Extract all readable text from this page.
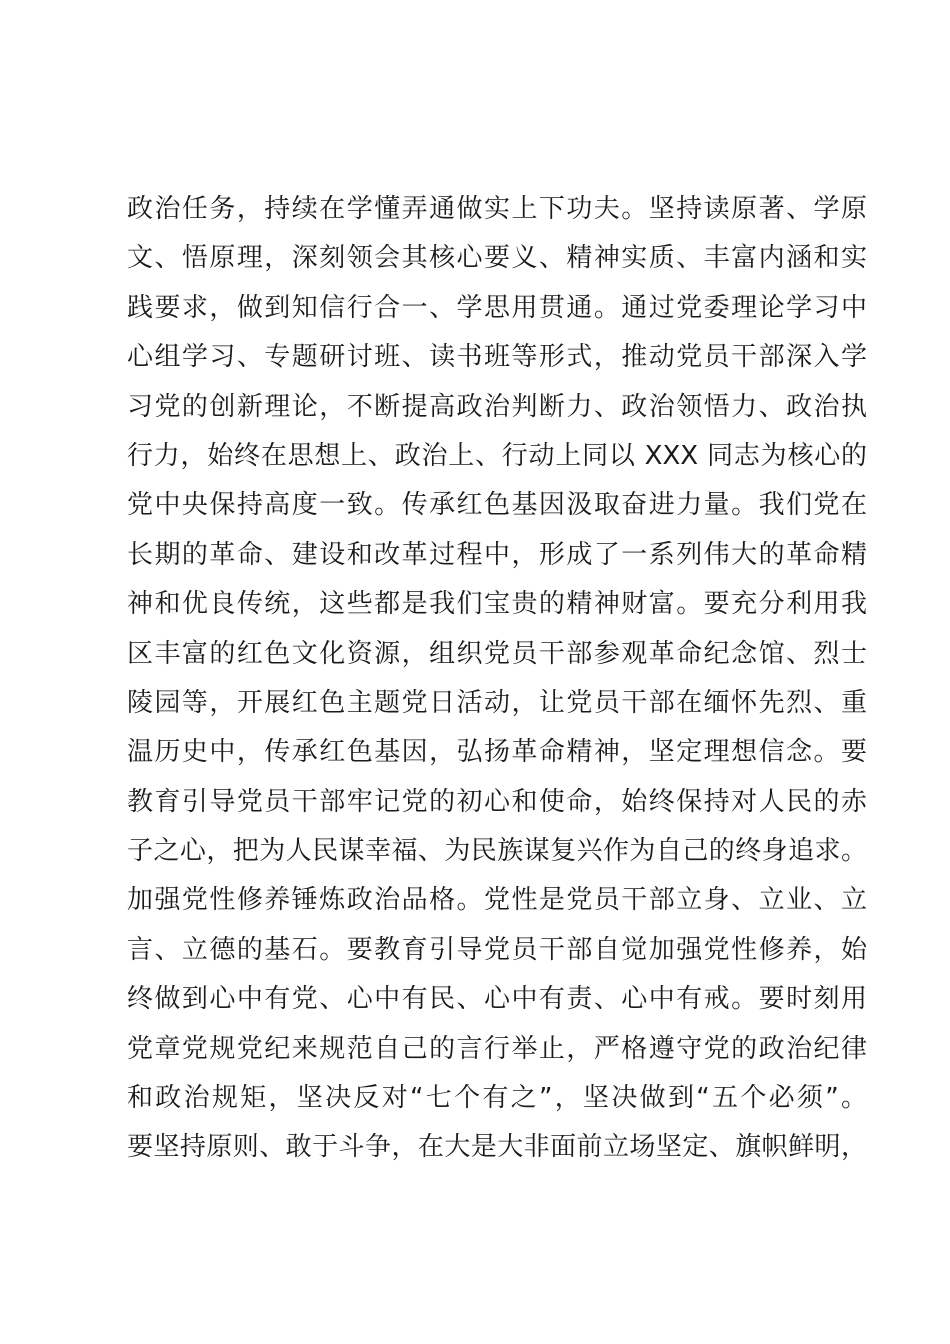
政治任务，持续在学懂弄通做实上下功夫。坚持读原著、学原
文、悟原理，深刻领会其核心要义、精神实质、丰富内涵和实
践要求，做到知信行合一、学思用贯通。通过党委理论学习中
心组学习、专题研讨班、读书班等形式，推动党员干部深入学
习党的创新理论，不断提高政治判断力、政治领悟力、政治执
行力，始终在思想上、政治上、行动上同以 XXX 同志为核心的
党中央保持高度一致。传承红色基因汲取奋进力量。我们党在
长期的革命、建设和改革过程中，形成了一系列伟大的革命精
神和优良传统，这些都是我们宝贵的精神财富。要充分利用我
区丰富的红色文化资源，组织党员干部参观革命纪念馆、烈士
陵园等，开展红色主题党日活动，让党员干部在缅怀先烈、重
温历史中，传承红色基因，弘扬革命精神，坚定理想信念。要
教育引导党员干部牢记党的初心和使命，始终保持对人民的赤
子之心，把为人民谋幸福、为民族谋复兴作为自己的终身追求。
加强党性修养锤炼政治品格。党性是党员干部立身、立业、立
言、立德的基石。要教育引导党员干部自觉加强党性修养，始
终做到心中有党、心中有民、心中有责、心中有戒。要时刻用
党章党规党纪来规范自己的言行举止，严格遵守党的政治纪律
和政治规矩，坚决反对“七个有之”，坚决做到“五个必须”。
要坚持原则、敢于斗争，在大是大非面前立场坚定、旗帜鲜明，
